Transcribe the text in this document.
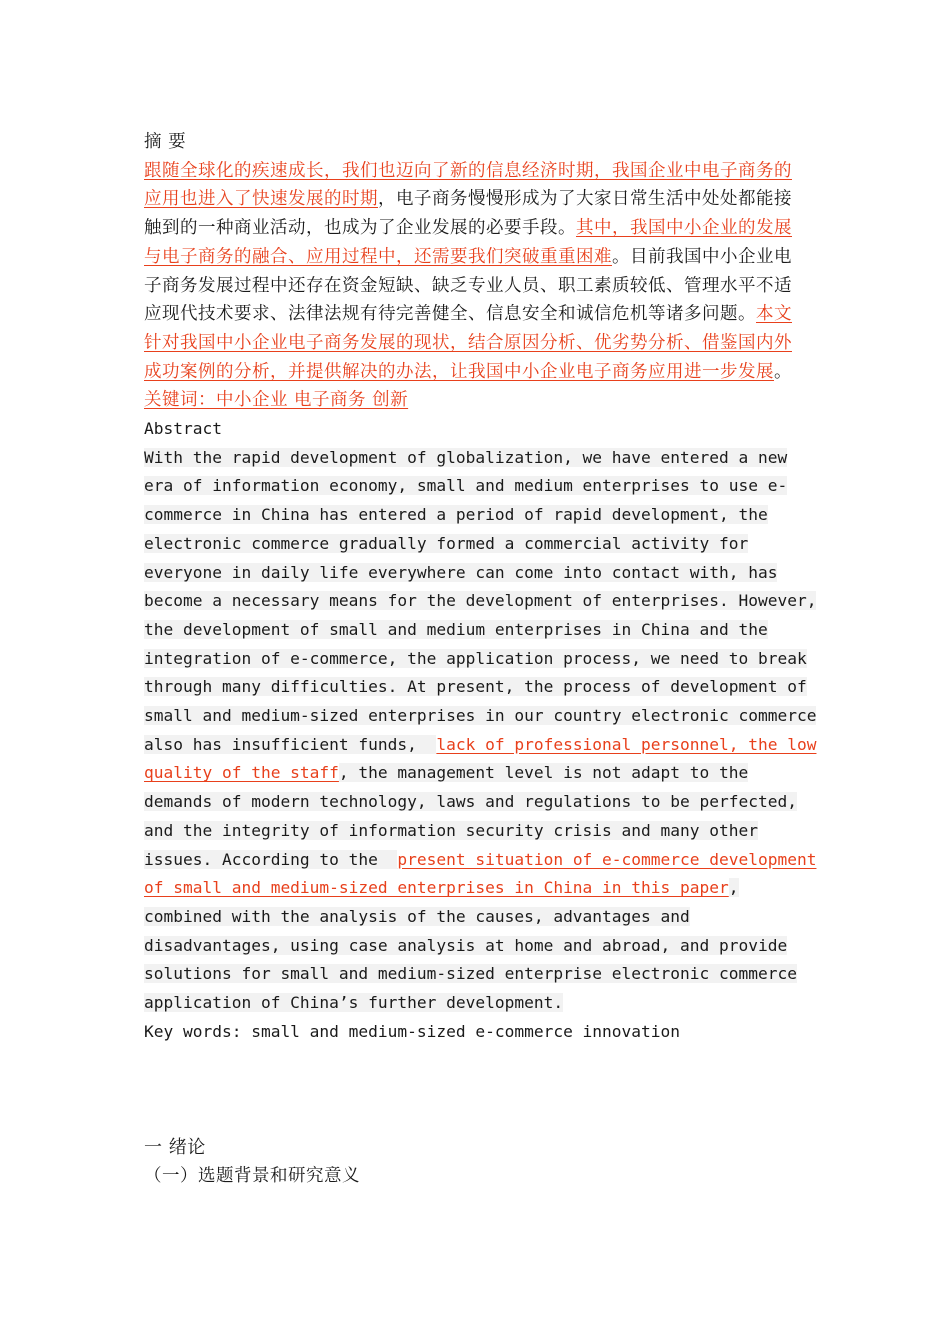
摘 要

跟随全球化的疾速成长，我们也迈向了新的信息经济时期，我国企业中电子商务的应用也进入了快速发展的时期，电子商务慢慢形成为了大家日常生活中处处都能接触到的一种商业活动，也成为了企业发展的必要手段。其中，我国中小企业的发展与电子商务的融合、应用过程中，还需要我们突破重重困难。目前我国中小企业电子商务发展过程中还存在资金短缺、缺乏专业人员、职工素质较低、管理水平不适应现代技术要求、法律法规有待完善健全、信息安全和诚信危机等诸多问题。本文针对我国中小企业电子商务发展的现状，结合原因分析、优劣势分析、借鉴国内外成功案例的分析，并提供解决的办法，让我国中小企业电子商务应用进一步发展。

关键词：中小企业 电子商务 创新

Abstract
With the rapid development of globalization, we have entered a new
era of information economy, small and medium enterprises to use e-
commerce in China has entered a period of rapid development, the
electronic commerce gradually formed a commercial activity for
everyone in daily life everywhere can come into contact with, has
become a necessary means for the development of enterprises. However,
the development of small and medium enterprises in China and the
integration of e-commerce, the application process, we need to break
through many difficulties. At present, the process of development of
small and medium-sized enterprises in our country electronic commerce
also has insufficient funds,  lack of professional personnel, the low
quality of the staff, the management level is not adapt to the
demands of modern technology, laws and regulations to be perfected,
and the integrity of information security crisis and many other
issues. According to the  present situation of e-commerce development
of small and medium-sized enterprises in China in this paper,
combined with the analysis of the causes, advantages and
disadvantages, using case analysis at home and abroad, and provide
solutions for small and medium-sized enterprise electronic commerce
application of China’s further development.
Key words: small and medium-sized e-commerce innovation

一 绪论

（一）选题背景和研究意义
